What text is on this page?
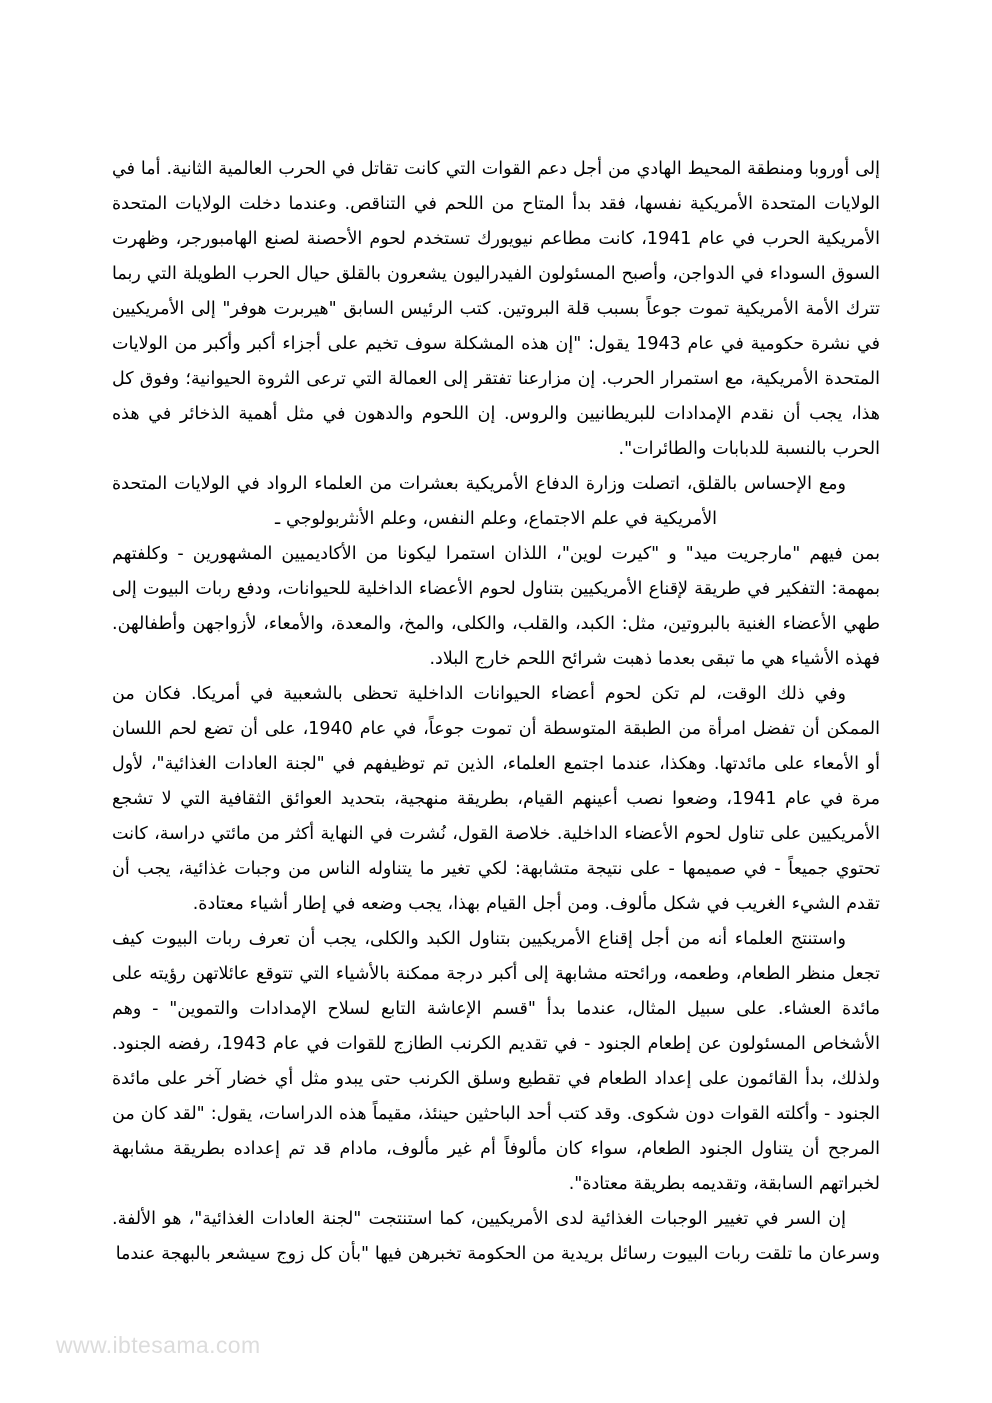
إلى أوروبا ومنطقة المحيط الهادي من أجل دعم القوات التي كانت تقاتل في الحرب العالمية الثانية. أما في الولايات المتحدة الأمريكية نفسها، فقد بدأ المتاح من اللحم في التناقص. وعندما دخلت الولايات المتحدة الأمريكية الحرب في عام 1941، كانت مطاعم نيويورك تستخدم لحوم الأحصنة لصنع الهامبورجر، وظهرت السوق السوداء في الدواجن، وأصبح المسئولون الفيدراليون يشعرون بالقلق حيال الحرب الطويلة التي ربما تترك الأمة الأمريكية تموت جوعاً بسبب قلة البروتين. كتب الرئيس السابق "هيربرت هوفر" إلى الأمريكيين في نشرة حكومية في عام 1943 يقول: "إن هذه المشكلة سوف تخيم على أجزاء أكبر وأكبر من الولايات المتحدة الأمريكية، مع استمرار الحرب. إن مزارعنا تفتقر إلى العمالة التي ترعى الثروة الحيوانية؛ وفوق كل هذا، يجب أن نقدم الإمدادات للبريطانيين والروس. إن اللحوم والدهون في مثل أهمية الذخائر في هذه الحرب بالنسبة للدبابات والطائرات".

ومع الإحساس بالقلق، اتصلت وزارة الدفاع الأمريكية بعشرات من العلماء الرواد في الولايات المتحدة الأمريكية في علم الاجتماع، وعلم النفس، وعلم الأنثربولوجي ـ

بمن فيهم "مارجريت ميد" و "كيرت لوين"، اللذان استمرا ليكونا من الأكاديميين المشهورين - وكلفتهم بمهمة: التفكير في طريقة لإقناع الأمريكيين بتناول لحوم الأعضاء الداخلية للحيوانات، ودفع ربات البيوت إلى طهي الأعضاء الغنية بالبروتين، مثل: الكبد، والقلب، والكلى، والمخ، والمعدة، والأمعاء، لأزواجهن وأطفالهن. فهذه الأشياء هي ما تبقى بعدما ذهبت شرائح اللحم خارج البلاد.

وفي ذلك الوقت، لم تكن لحوم أعضاء الحيوانات الداخلية تحظى بالشعبية في أمريكا. فكان من الممكن أن تفضل امرأة من الطبقة المتوسطة أن تموت جوعاً، في عام 1940، على أن تضع لحم اللسان أو الأمعاء على مائدتها. وهكذا، عندما اجتمع العلماء، الذين تم توظيفهم في "لجنة العادات الغذائية"، لأول مرة في عام 1941، وضعوا نصب أعينهم القيام، بطريقة منهجية، بتحديد العوائق الثقافية التي لا تشجع الأمريكيين على تناول لحوم الأعضاء الداخلية. خلاصة القول، نُشرت في النهاية أكثر من مائتي دراسة، كانت تحتوي جميعاً - في صميمها - على نتيجة متشابهة: لكي تغير ما يتناوله الناس من وجبات غذائية، يجب أن تقدم الشيء الغريب في شكل مألوف. ومن أجل القيام بهذا، يجب وضعه في إطار أشياء معتادة.

واستنتج العلماء أنه من أجل إقناع الأمريكيين بتناول الكبد والكلى، يجب أن تعرف ربات البيوت كيف تجعل منظر الطعام، وطعمه، ورائحته مشابهة إلى أكبر درجة ممكنة بالأشياء التي تتوقع عائلاتهن رؤيته على مائدة العشاء. على سبيل المثال، عندما بدأ "قسم الإعاشة التابع لسلاح الإمدادات والتموين" - وهم الأشخاص المسئولون عن إطعام الجنود - في تقديم الكرنب الطازج للقوات في عام 1943، رفضه الجنود. ولذلك، بدأ القائمون على إعداد الطعام في تقطيع وسلق الكرنب حتى يبدو مثل أي خضار آخر على مائدة الجنود - وأكلته القوات دون شكوى. وقد كتب أحد الباحثين حينئذ، مقيماً هذه الدراسات، يقول: "لقد كان من المرجح أن يتناول الجنود الطعام، سواء كان مألوفاً أم غير مألوف، مادام قد تم إعداده بطريقة مشابهة لخبراتهم السابقة، وتقديمه بطريقة معتادة".

إن السر في تغيير الوجبات الغذائية لدى الأمريكيين، كما استنتجت "لجنة العادات الغذائية"، هو الألفة. وسرعان ما تلقت ربات البيوت رسائل بريدية من الحكومة تخبرهن فيها "بأن كل زوج سيشعر بالبهجة عندما

www.ibtesama.com
